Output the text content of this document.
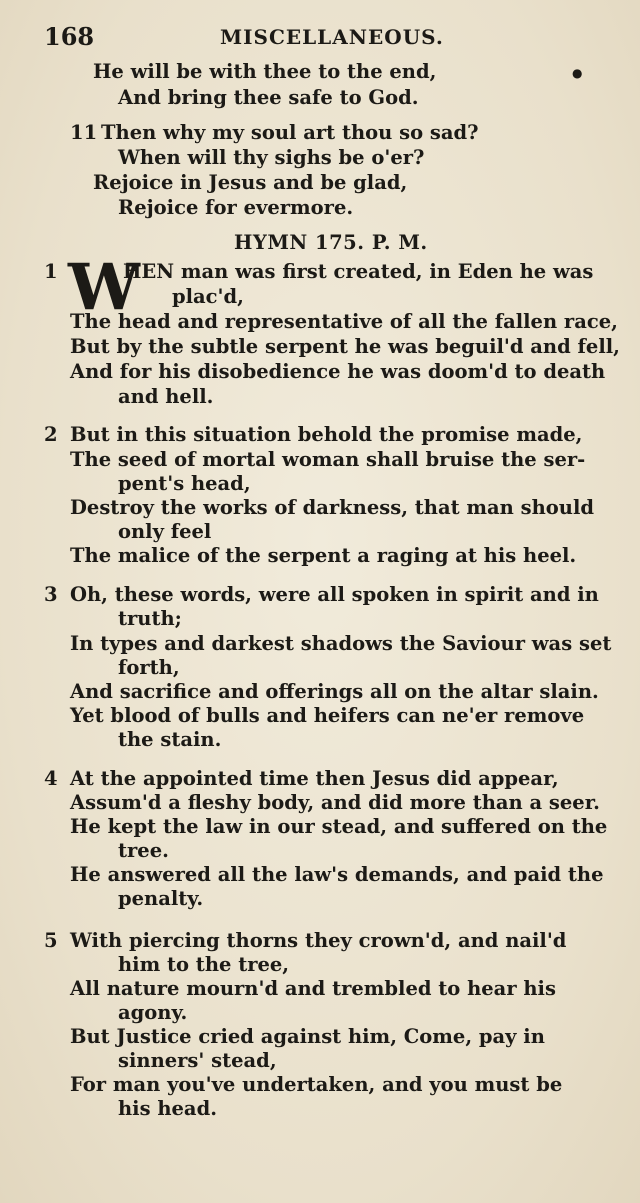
168	MISCELLANEOUS.
He will be with thee to the end,
And bring thee safe to God.
●
11 Then why my soul art thou so sad?
When will thy sighs be o'er?
Rejoice in Jesus and be glad,
Rejoice for evermore.
HYMN 175. P. M.
1 W
HEN man was first created, in Eden he was
plac'd,
The head and representative of all the fallen race,
But by the subtle serpent he was beguil'd and fell,
And for his disobedience he was doom'd to death
and hell.
2 But in this situation behold the promise made,
The seed of mortal woman shall bruise the ser-
pent's head,
Destroy the works of darkness, that man should
only feel
The malice of the serpent a raging at his heel.
3 Oh, these words, were all spoken in spirit and in
truth;
In types and darkest shadows the Saviour was set
forth,
And sacrifice and offerings all on the altar slain.
Yet blood of bulls and heifers can ne'er remove
the stain.
4 At the appointed time then Jesus did appear,
Assum'd a fleshy body, and did more than a seer.
He kept the law in our stead, and suffered on the
tree.
He answered all the law's demands, and paid the
penalty.
5 With piercing thorns they crown'd, and nail'd
him to the tree,
All nature mourn'd and trembled to hear his
agony.
But Justice cried against him, Come, pay in
sinners' stead,
For man you've undertaken, and you must be
his head.
